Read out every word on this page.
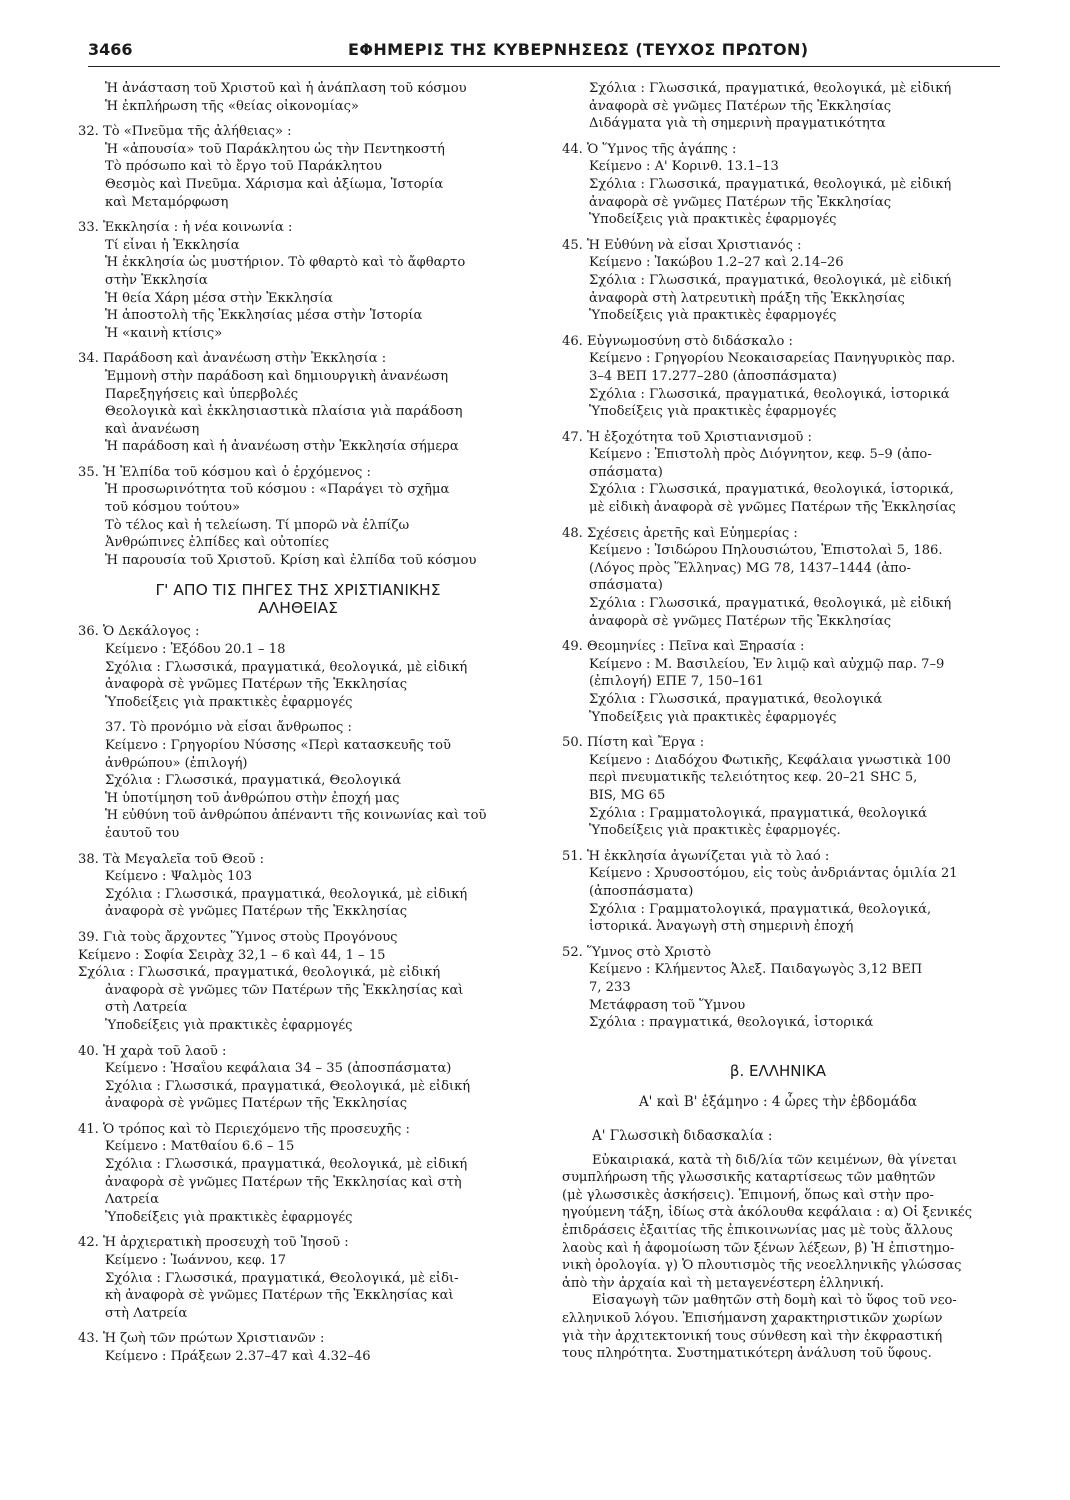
3466	ΕΦΗΜΕΡΙΣ ΤΗΣ ΚΥΒΕΡΝΗΣΕΩΣ (ΤΕΥΧΟΣ ΠΡΩΤΟΝ)
Ἡ ἀνάσταση τοῦ Χριστοῦ καὶ ἡ ἀνάπλαση τοῦ κόσμου
Ἡ ἐκπλήρωση τῆς «θείας οἰκονομίας»
32. Τὸ «Πνεῦμα τῆς ἀλήθειας» :
Ἡ «ἀπουσία» τοῦ Παράκλητου ὡς τὴν Πεντηκοστή
Τὸ πρόσωπο καὶ τὸ ἔργο τοῦ Παράκλητου
Θεσμὸς καὶ Πνεῦμα. Χάρισμα καὶ ἀξίωμα, Ἱστορία
καὶ Μεταμόρφωση
33. Ἐκκλησία : ἡ νέα κοινωνία :
Τί εἶναι ἡ Ἐκκλησία
Ἡ ἐκκλησία ὡς μυστήριον. Τὸ φθαρτὸ καὶ τὸ ἄφθαρτο
στὴν Ἐκκλησία
Ἡ θεία Χάρη μέσα στὴν Ἐκκλησία
Ἡ ἀποστολὴ τῆς Ἐκκλησίας μέσα στὴν Ἱστορία
Ἡ «καινὴ κτίσις»
34. Παράδοση καὶ ἀνανέωση στὴν Ἐκκλησία :
Ἐμμονὴ στὴν παράδοση καὶ δημιουργικὴ ἀνανέωση
Παρεξηγήσεις καὶ ὑπερβολές
Θεολογικὰ καὶ ἐκκλησιαστικὰ πλαίσια γιὰ παράδοση
καὶ ἀνανέωση
Ἡ παράδοση καὶ ἡ ἀνανέωση στὴν Ἐκκλησία σήμερα
35. Ἡ Ἐλπίδα τοῦ κόσμου καὶ ὁ ἐρχόμενος :
Ἡ προσωρινότητα τοῦ κόσμου : «Παράγει τὸ σχῆμα
τοῦ κόσμου τούτου»
Τὸ τέλος καὶ ἡ τελείωση. Τί μπορῶ νὰ ἐλπίζω
Ἀνθρώπινες ἐλπίδες καὶ οὐτοπίες
Ἡ παρουσία τοῦ Χριστοῦ. Κρίση καὶ ἐλπίδα τοῦ κόσμου
Γ' ΑΠΟ ΤΙΣ ΠΗΓΕΣ ΤΗΣ ΧΡΙΣΤΙΑΝΙΚΗΣ
ΑΛΗΘΕΙΑΣ
36. Ὁ Δεκάλογος :
Κείμενο : Ἐξόδου 20.1 – 18
Σχόλια : Γλωσσικά, πραγματικά, θεολογικά, μὲ εἰδική
ἀναφορὰ σὲ γνῶμες Πατέρων τῆς Ἐκκλησίας
Ὑποδείξεις γιὰ πρακτικὲς ἐφαρμογές
37. Τὸ προνόμιο νὰ εἶσαι ἄνθρωπος :
Κείμενο : Γρηγορίου Νύσσης «Περὶ κατασκευῆς τοῦ
ἀνθρώπου» (ἐπιλογή)
Σχόλια : Γλωσσικά, πραγματικά, Θεολογικά
Ἡ ὑποτίμηση τοῦ ἀνθρώπου στὴν ἐποχή μας
Ἡ εὐθύνη τοῦ ἀνθρώπου ἀπέναντι τῆς κοινωνίας καὶ τοῦ
ἑαυτοῦ του
38. Τὰ Μεγαλεῖα τοῦ Θεοῦ :
Κείμενο : Ψαλμὸς 103
Σχόλια : Γλωσσικά, πραγματικά, θεολογικά, μὲ εἰδική
ἀναφορὰ σὲ γνῶμες Πατέρων τῆς Ἐκκλησίας
39. Γιὰ τοὺς ἄρχοντες Ὕμνος στοὺς Προγόνους
Κείμενο : Σοφία Σειρὰχ 32,1 – 6 καὶ 44, 1 – 15
Σχόλια : Γλωσσικά, πραγματικά, θεολογικά, μὲ εἰδική
ἀναφορὰ σὲ γνῶμες τῶν Πατέρων τῆς Ἐκκλησίας καὶ
στὴ Λατρεία
Ὑποδείξεις γιὰ πρακτικὲς ἐφαρμογές
40. Ἡ χαρὰ τοῦ λαοῦ :
Κείμενο : Ἡσαΐου κεφάλαια 34 – 35 (ἀποσπάσματα)
Σχόλια : Γλωσσικά, πραγματικά, Θεολογικά, μὲ εἰδική
ἀναφορὰ σὲ γνῶμες Πατέρων τῆς Ἐκκλησίας
41. Ὁ τρόπος καὶ τὸ Περιεχόμενο τῆς προσευχῆς :
Κείμενο : Ματθαίου 6.6 – 15
Σχόλια : Γλωσσικά, πραγματικά, θεολογικά, μὲ εἰδική
ἀναφορὰ σὲ γνῶμες Πατέρων τῆς Ἐκκλησίας καὶ στὴ
Λατρεία
Ὑποδείξεις γιὰ πρακτικὲς ἐφαρμογές
42. Ἡ ἀρχιερατικὴ προσευχὴ τοῦ Ἰησοῦ :
Κείμενο : Ἰωάννου, κεφ. 17
Σχόλια : Γλωσσικά, πραγματικά, Θεολογικά, μὲ εἰδι-
κὴ ἀναφορὰ σὲ γνῶμες Πατέρων τῆς Ἐκκλησίας καὶ
στὴ Λατρεία
43. Ἡ ζωὴ τῶν πρώτων Χριστιανῶν :
Κείμενο : Πράξεων 2.37–47 καὶ 4.32–46
Σχόλια : Γλωσσικά, πραγματικά, θεολογικά, μὲ εἰδική
ἀναφορὰ σὲ γνῶμες Πατέρων τῆς Ἐκκλησίας
Διδάγματα γιὰ τὴ σημερινὴ πραγματικότητα
44. Ὁ Ὕμνος τῆς ἀγάπης :
Κείμενο : Α' Κορινθ. 13.1–13
Σχόλια : Γλωσσικά, πραγματικά, θεολογικά, μὲ εἰδική
ἀναφορὰ σὲ γνῶμες Πατέρων τῆς Ἐκκλησίας
Ὑποδείξεις γιὰ πρακτικὲς ἐφαρμογές
45. Ἡ Εὐθύνη νὰ εἶσαι Χριστιανός :
Κείμενο : Ἰακώβου 1.2–27 καὶ 2.14–26
Σχόλια : Γλωσσικά, πραγματικά, θεολογικά, μὲ εἰδική
ἀναφορὰ στὴ λατρευτικὴ πράξη τῆς Ἐκκλησίας
Ὑποδείξεις γιὰ πρακτικὲς ἐφαρμογές
46. Εὐγνωμοσύνη στὸ διδάσκαλο :
Κείμενο : Γρηγορίου Νεοκαισαρείας Πανηγυρικὸς παρ.
3–4 ΒΕΠ 17.277–280 (ἀποσπάσματα)
Σχόλια : Γλωσσικά, πραγματικά, θεολογικά, ἱστορικά
Ὑποδείξεις γιὰ πρακτικὲς ἐφαρμογές
47. Ἡ ἐξοχότητα τοῦ Χριστιανισμοῦ :
Κείμενο : Ἐπιστολὴ πρὸς Διόγνητον, κεφ. 5–9 (ἀπο-
σπάσματα)
Σχόλια : Γλωσσικά, πραγματικά, θεολογικά, ἱστορικά,
μὲ εἰδικὴ ἀναφορὰ σὲ γνῶμες Πατέρων τῆς Ἐκκλησίας
48. Σχέσεις ἀρετῆς καὶ Εὐημερίας :
Κείμενο : Ἰσιδώρου Πηλουσιώτου, Ἐπιστολαὶ 5, 186.
(Λόγος πρὸς Ἕλληνας) MG 78, 1437–1444 (ἀπο-
σπάσματα)
Σχόλια : Γλωσσικά, πραγματικά, θεολογικά, μὲ εἰδική
ἀναφορὰ σὲ γνῶμες Πατέρων τῆς Ἐκκλησίας
49. Θεομηνίες : Πεῖνα καὶ Ξηρασία :
Κείμενο : Μ. Βασιλείου, Ἐν λιμῷ καὶ αὐχμῷ παρ. 7–9
(ἐπιλογή) ΕΠΕ 7, 150–161
Σχόλια : Γλωσσικά, πραγματικά, θεολογικά
Ὑποδείξεις γιὰ πρακτικὲς ἐφαρμογές
50. Πίστη καὶ Ἔργα :
Κείμενο : Διαδόχου Φωτικῆς, Κεφάλαια γνωστικὰ 100
περὶ πνευματικῆς τελειότητος κεφ. 20–21 SHC 5,
BIS, MG 65
Σχόλια : Γραμματολογικά, πραγματικά, θεολογικά
Ὑποδείξεις γιὰ πρακτικὲς ἐφαρμογές.
51. Ἡ ἐκκλησία ἀγωνίζεται γιὰ τὸ λαό :
Κείμενο : Χρυσοστόμου, εἰς τοὺς ἀνδριάντας ὁμιλία 21
(ἀποσπάσματα)
Σχόλια : Γραμματολογικά, πραγματικά, θεολογικά,
ἱστορικά. Ἀναγωγὴ στὴ σημερινὴ ἐποχή
52. Ὕμνος στὸ Χριστὸ
Κείμενο : Κλήμεντος Ἀλεξ. Παιδαγωγὸς 3,12 ΒΕΠ
7, 233
Μετάφραση τοῦ Ὕμνου
Σχόλια : πραγματικά, θεολογικά, ἱστορικά
β. ΕΛΛΗΝΙΚΑ
Α' καὶ Β' ἑξάμηνο : 4 ὧρες τὴν ἑβδομάδα
Α' Γλωσσικὴ διδασκαλία :
Εὐκαιριακά, κατὰ τὴ διδ/λία τῶν κειμένων, θὰ γίνεται
συμπλήρωση τῆς γλωσσικῆς καταρτίσεως τῶν μαθητῶν
(μὲ γλωσσικὲς ἀσκήσεις). Ἐπιμονή, ὅπως καὶ στὴν προ-
ηγούμενη τάξη, ἰδίως στὰ ἀκόλουθα κεφάλαια : α) Οἱ ξενικές
ἐπιδράσεις ἐξαιτίας τῆς ἐπικοινωνίας μας μὲ τοὺς ἄλλους
λαοὺς καὶ ἡ ἀφομοίωση τῶν ξένων λέξεων, β) Ἡ ἐπιστημο-
νικὴ ὁρολογία. γ) Ὁ πλουτισμὸς τῆς νεοελληνικῆς γλώσσας
ἀπὸ τὴν ἀρχαία καὶ τὴ μεταγενέστερη ἑλληνική.
Εἰσαγωγὴ τῶν μαθητῶν στὴ δομὴ καὶ τὸ ὕφος τοῦ νεο-
ελληνικοῦ λόγου. Ἐπισήμανση χαρακτηριστικῶν χωρίων
γιὰ τὴν ἀρχιτεκτονική τους σύνθεση καὶ τὴν ἐκφραστική
τους πληρότητα. Συστηματικότερη ἀνάλυση τοῦ ὕφους.
